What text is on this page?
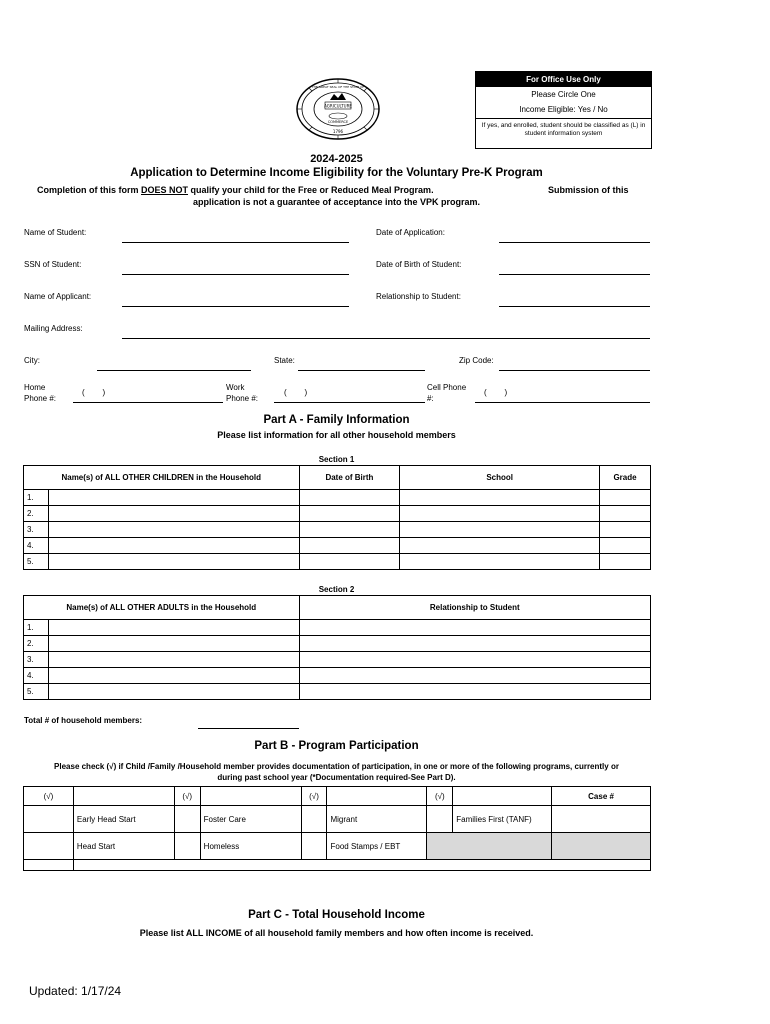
AGRICULTURE
COMMERCE
1796
THE GREAT SEAL OF THE STATE OF
For Office Use Only
Please Circle One
Income Eligible: Yes / No
If yes, and enrolled, student should be classified as (L) in student information system
2024-2025
Application to Determine Income Eligibility for the Voluntary Pre-K Program
Completion of this form DOES NOT qualify your child for the Free or Reduced Meal Program.	Submission of this
application is not a guarantee of acceptance into the VPK program.
Name of Student:	Date of Application:
SSN of Student:	Date of Birth of Student:
Name of Applicant:	Relationship to Student:
Mailing Address:
City:	State:	Zip Code:
Home
Phone #:
(        )
Work
Phone #:
(        )
Cell Phone
#:
(        )
Part A - Family Information
Please list information for all other household members
Section 1
Name(s) of ALL OTHER CHILDREN in the Household		Date of Birth	School	Grade
1.				
2.				
3.				
4.				
5.				
Section 2
Name(s) of ALL OTHER ADULTS in the Household		Relationship to Student
1.		
2.		
3.		
4.		
5.		
Total # of household members:
Part B - Program Participation
Please check (√) if Child /Family /Household member provides documentation of participation, in one or more of the following programs, currently or
during past school year (*Documentation required-See Part D).
(√)		(√)		(√)		(√)		Case #
	Early Head Start		Foster Care		Migrant		Families First (TANF)	
	Head Start		Homeless		Food Stamps / EBT			

Part C - Total Household Income
Please list ALL INCOME of all household family members and how often income is received.
Updated: 1/17/24
